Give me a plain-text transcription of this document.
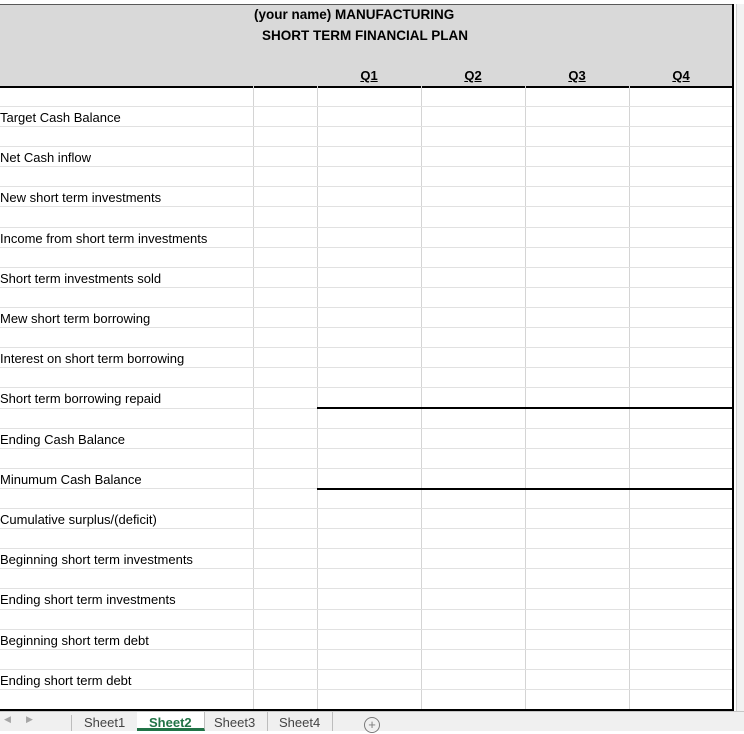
(your name) MANUFACTURING
SHORT TERM FINANCIAL PLAN
Q1	Q2	Q3	Q4
Target Cash Balance
Net Cash inflow
New short term investments
Income from short term investments
Short term investments sold
Mew short term borrowing
Interest on short term borrowing
Short term borrowing repaid
Ending Cash Balance
Minumum Cash Balance
Cumulative surplus/(deficit)
Beginning short term investments
Ending short term investments
Beginning short term debt
Ending short term debt
◀ ▶	Sheet1	Sheet2	Sheet3	Sheet4	+
